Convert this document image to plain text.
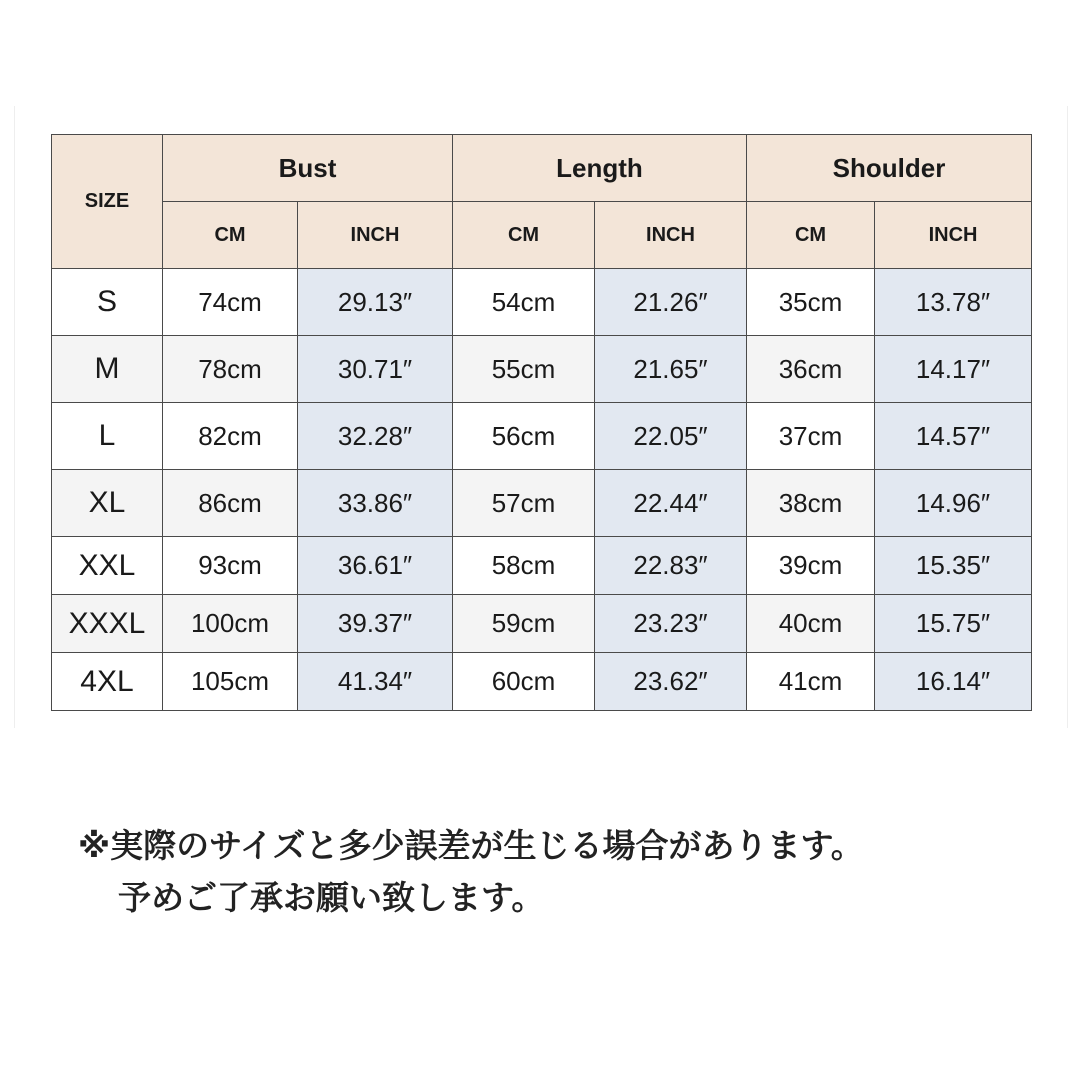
SIZE	Bust		Length		Shoulder	
	CM	INCH	CM	INCH	CM	INCH
S	74cm	29.13″	54cm	21.26″	35cm	13.78″
M	78cm	30.71″	55cm	21.65″	36cm	14.17″
L	82cm	32.28″	56cm	22.05″	37cm	14.57″
XL	86cm	33.86″	57cm	22.44″	38cm	14.96″
XXL	93cm	36.61″	58cm	22.83″	39cm	15.35″
XXXL	100cm	39.37″	59cm	23.23″	40cm	15.75″
4XL	105cm	41.34″	60cm	23.62″	41cm	16.14″
※実際のサイズと多少誤差が生じる場合があります。
予めご了承お願い致します。
